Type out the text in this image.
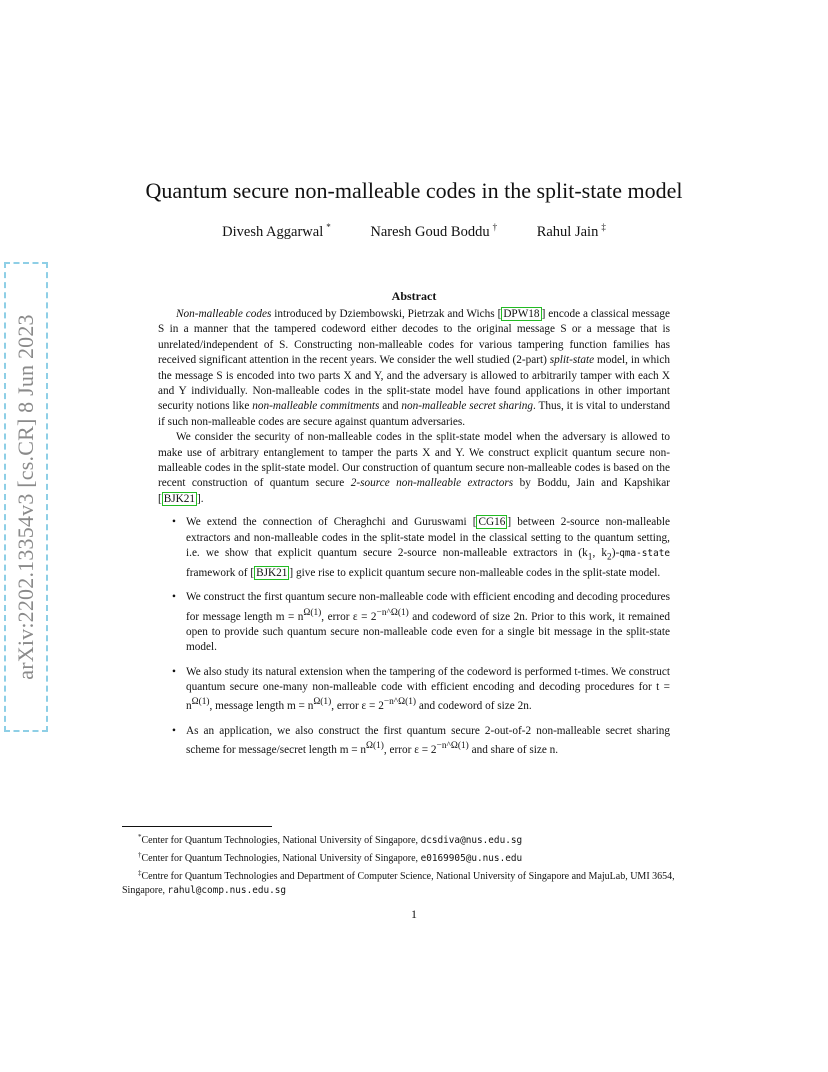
arXiv:2202.13354v3 [cs.CR] 8 Jun 2023
Quantum secure non-malleable codes in the split-state model
Divesh Aggarwal *	Naresh Goud Boddu †	Rahul Jain ‡
Abstract

Non-malleable codes introduced by Dziembowski, Pietrzak and Wichs [ DPW18 ] encode a classical message S in a manner that the tampered codeword either decodes to the original message S or a message that is unrelated/independent of S. Constructing non-malleable codes for various tampering function families has received significant attention in the recent years. We consider the well studied (2-part) split-state model, in which the message S is encoded into two parts X and Y, and the adversary is allowed to arbitrarily tamper with each X and Y individually. Non-malleable codes in the split-state model have found applications in other important security notions like non-malleable commitments and non-malleable secret sharing. Thus, it is vital to understand if such non-malleable codes are secure against quantum adversaries.

We consider the security of non-malleable codes in the split-state model when the adversary is allowed to make use of arbitrary entanglement to tamper the parts X and Y. We construct explicit quantum secure non-malleable codes in the split-state model. Our construction of quantum secure non-malleable codes is based on the recent construction of quantum secure 2-source non-malleable extractors by Boddu, Jain and Kapshikar [ BJK21 ].

• We extend the connection of Cheraghchi and Guruswami [ CG16 ] between 2-source non-malleable extractors and non-malleable codes in the split-state model in the classical setting to the quantum setting, i.e. we show that explicit quantum secure 2-source non-malleable extractors in ($k_1$, $k_2)-qma$-state framework of [ BJK21 ] give rise to explicit quantum secure non-malleable codes in the split-state model.
• We construct the first quantum secure non-malleable code with efficient encoding and decoding procedures for message length $m = n^{\Omega(1)}$, error $\varepsilon = 2^{-n\^{}\Omega(1)}$ and codeword of size 2n. Prior to this work, it remained open to provide such quantum secure non-malleable code even for a single bit message in the split-state model.
• We also study its natural extension when the tampering of the codeword is performed t-times. We construct quantum secure one-many non-malleable code with efficient encoding and decoding procedures for $t = n^{\Omega(1)}$, message length $m = n^{\Omega(1)}$, error $\varepsilon = 2^{-n\^{}\Omega(1)}$ and codeword of size 2n.
• As an application, we also construct the first quantum secure 2-out-of-2 non-malleable secret sharing scheme for message/secret length $m = n^{\Omega(1)}$, error $\varepsilon = 2^{-n\^{}\Omega(1)}$ and share of size n.

*Center for Quantum Technologies, National University of Singapore, dcsdiva@nus.edu.sg

†Center for Quantum Technologies, National University of Singapore, e0169905@u.nus.edu

‡Centre for Quantum Technologies and Department of Computer Science, National University of Singapore and MajuLab, UMI 3654, Singapore, rahul@comp.nus.edu.sg

1
